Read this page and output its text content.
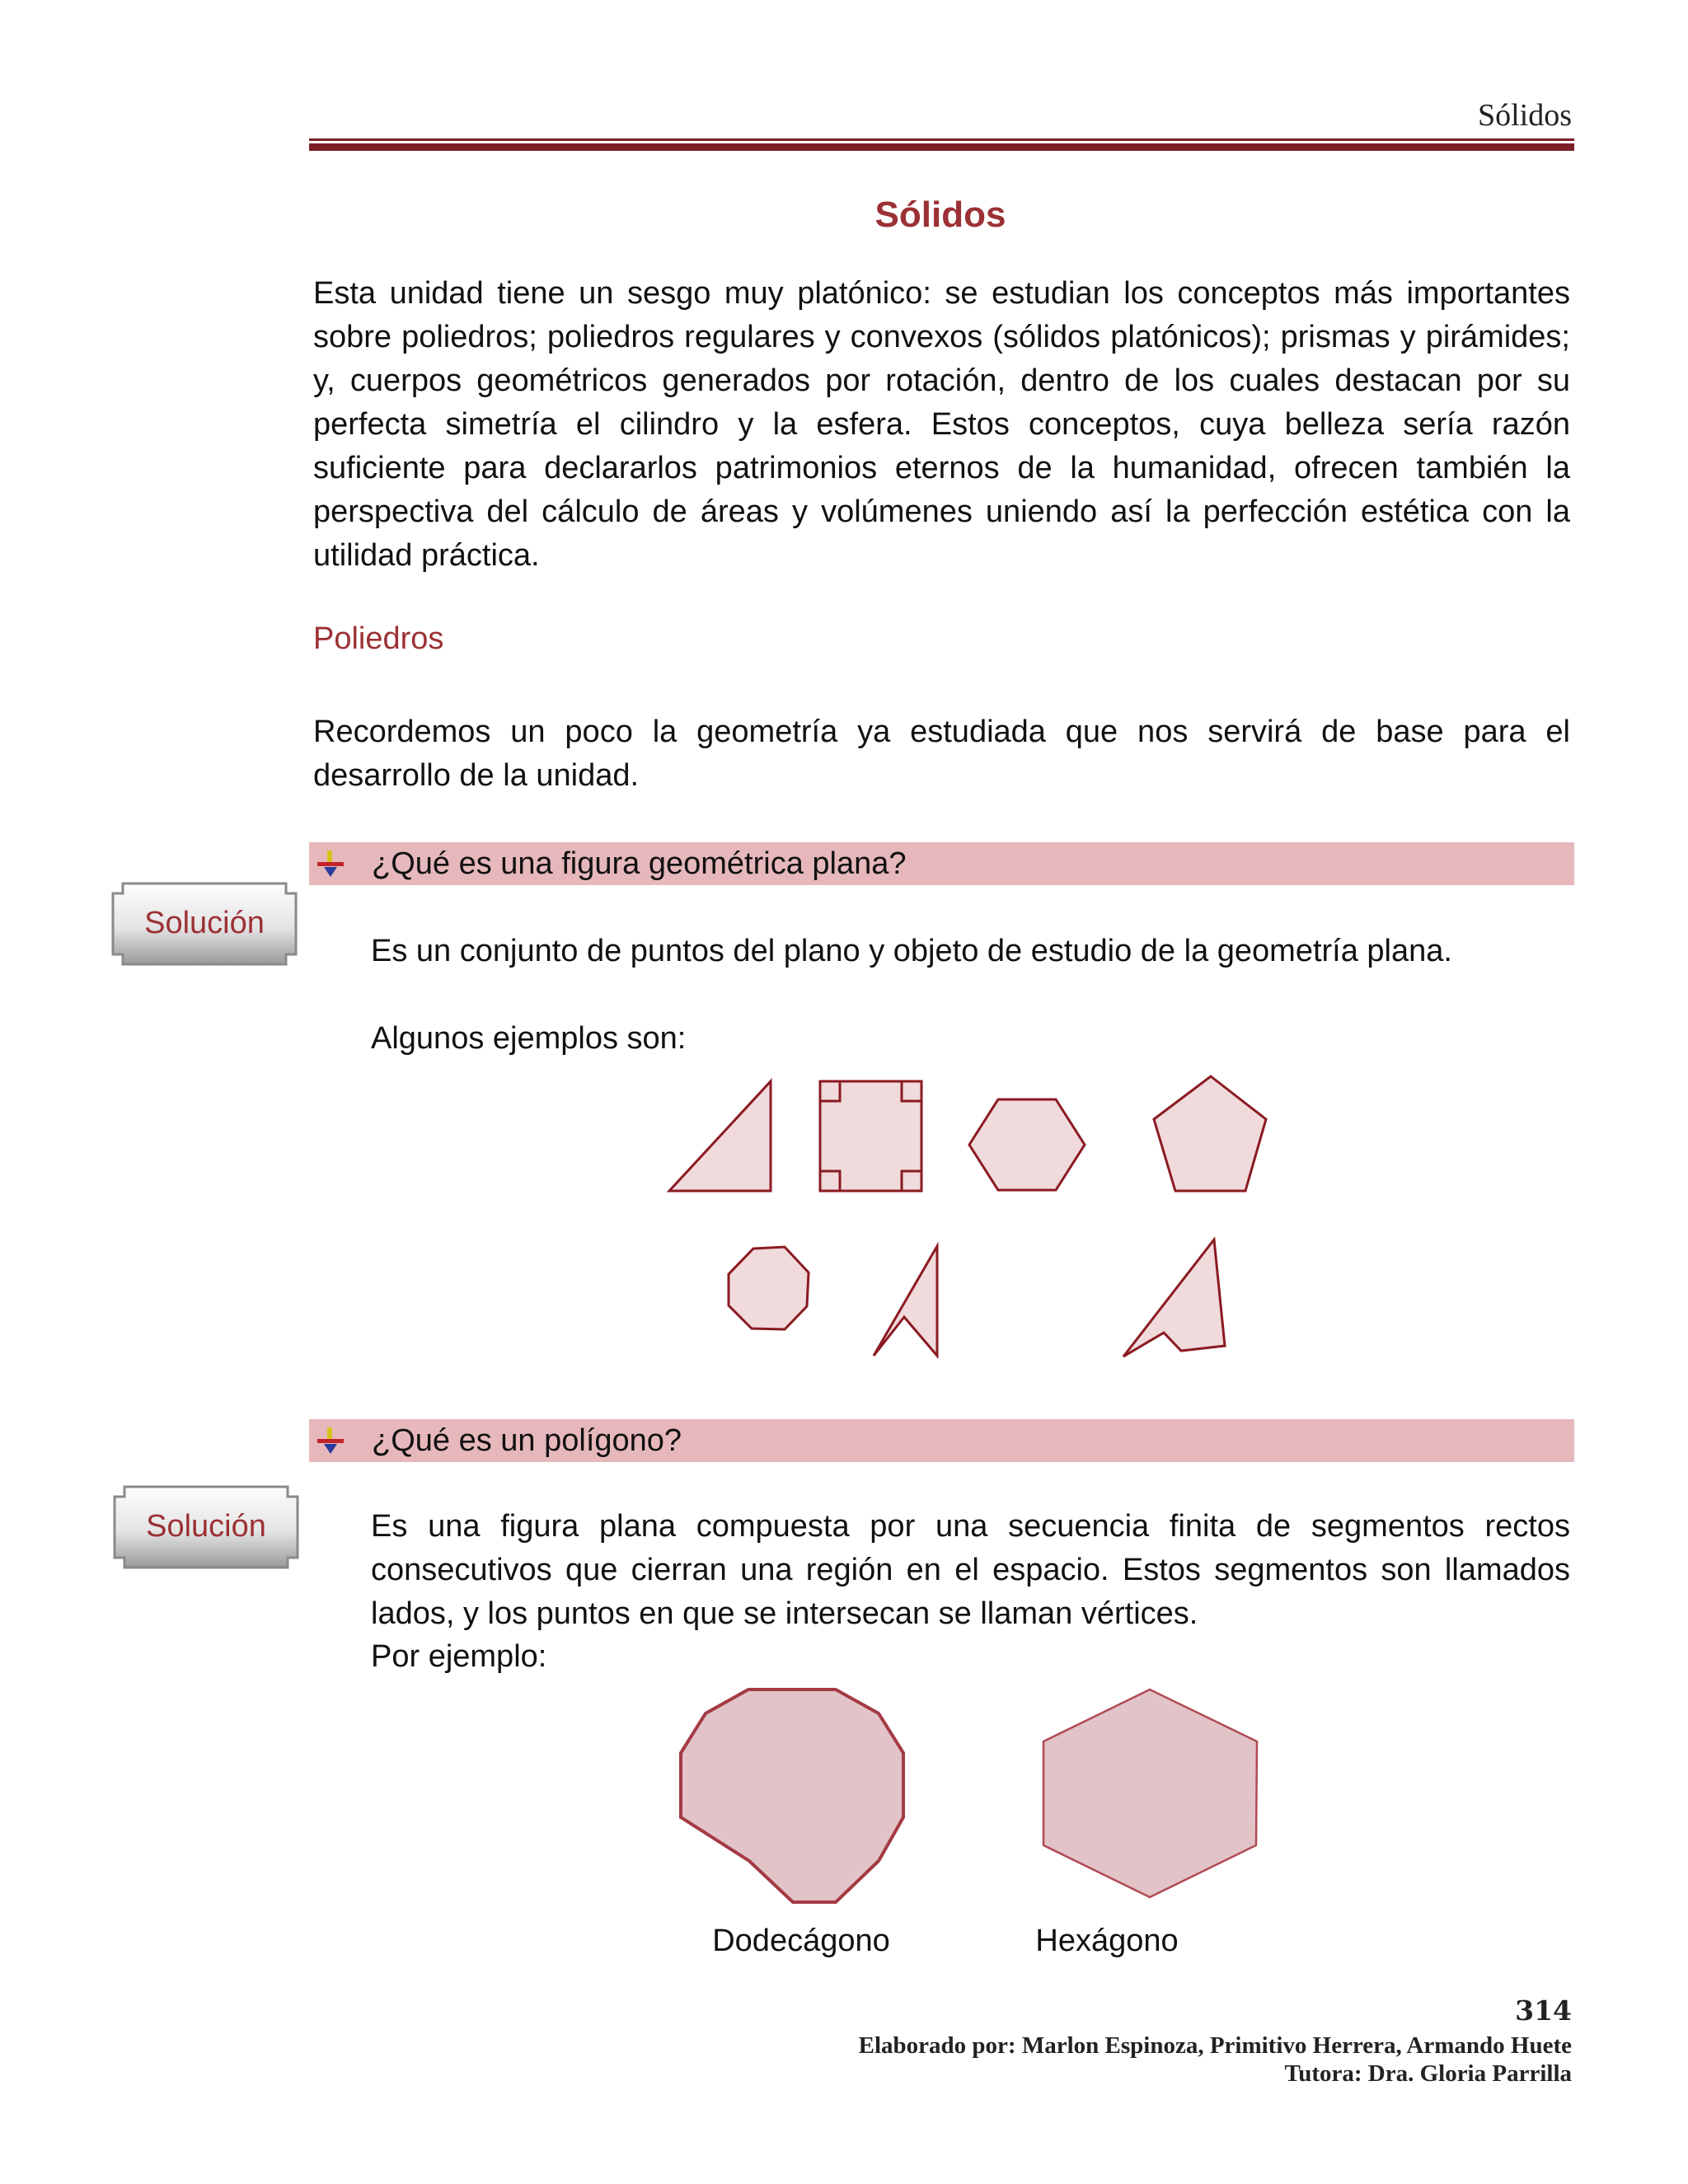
Sólidos
Sólidos

Esta unidad tiene un sesgo muy platónico: se estudian los conceptos más importantes sobre poliedros; poliedros regulares y convexos (sólidos platónicos); prismas y pirámides; y, cuerpos geométricos generados por rotación, dentro de los cuales destacan por su perfecta simetría el cilindro y la esfera. Estos conceptos, cuya belleza sería razón suficiente para declararlos patrimonios eternos de la humanidad, ofrecen también la perspectiva del cálculo de áreas y volúmenes uniendo así la perfección estética con la utilidad práctica.

Poliedros

Recordemos un poco la geometría ya estudiada que nos servirá de base para el desarrollo de la unidad.

¿Qué es una figura geométrica plana?
Solución
Es un conjunto de puntos del plano y objeto de estudio de la geometría plana.
Algunos ejemplos son:
¿Qué es un polígono?
Solución	Es una figura plana compuesta por una secuencia finita de segmentos rectos consecutivos que cierran una región en el espacio. Estos segmentos son llamados lados, y los puntos en que se intersecan se llaman vértices.

Por ejemplo:
Dodecágono	Hexágono
314
Elaborado por: Marlon Espinoza, Primitivo Herrera, Armando Huete
Tutora: Dra. Gloria Parrilla
